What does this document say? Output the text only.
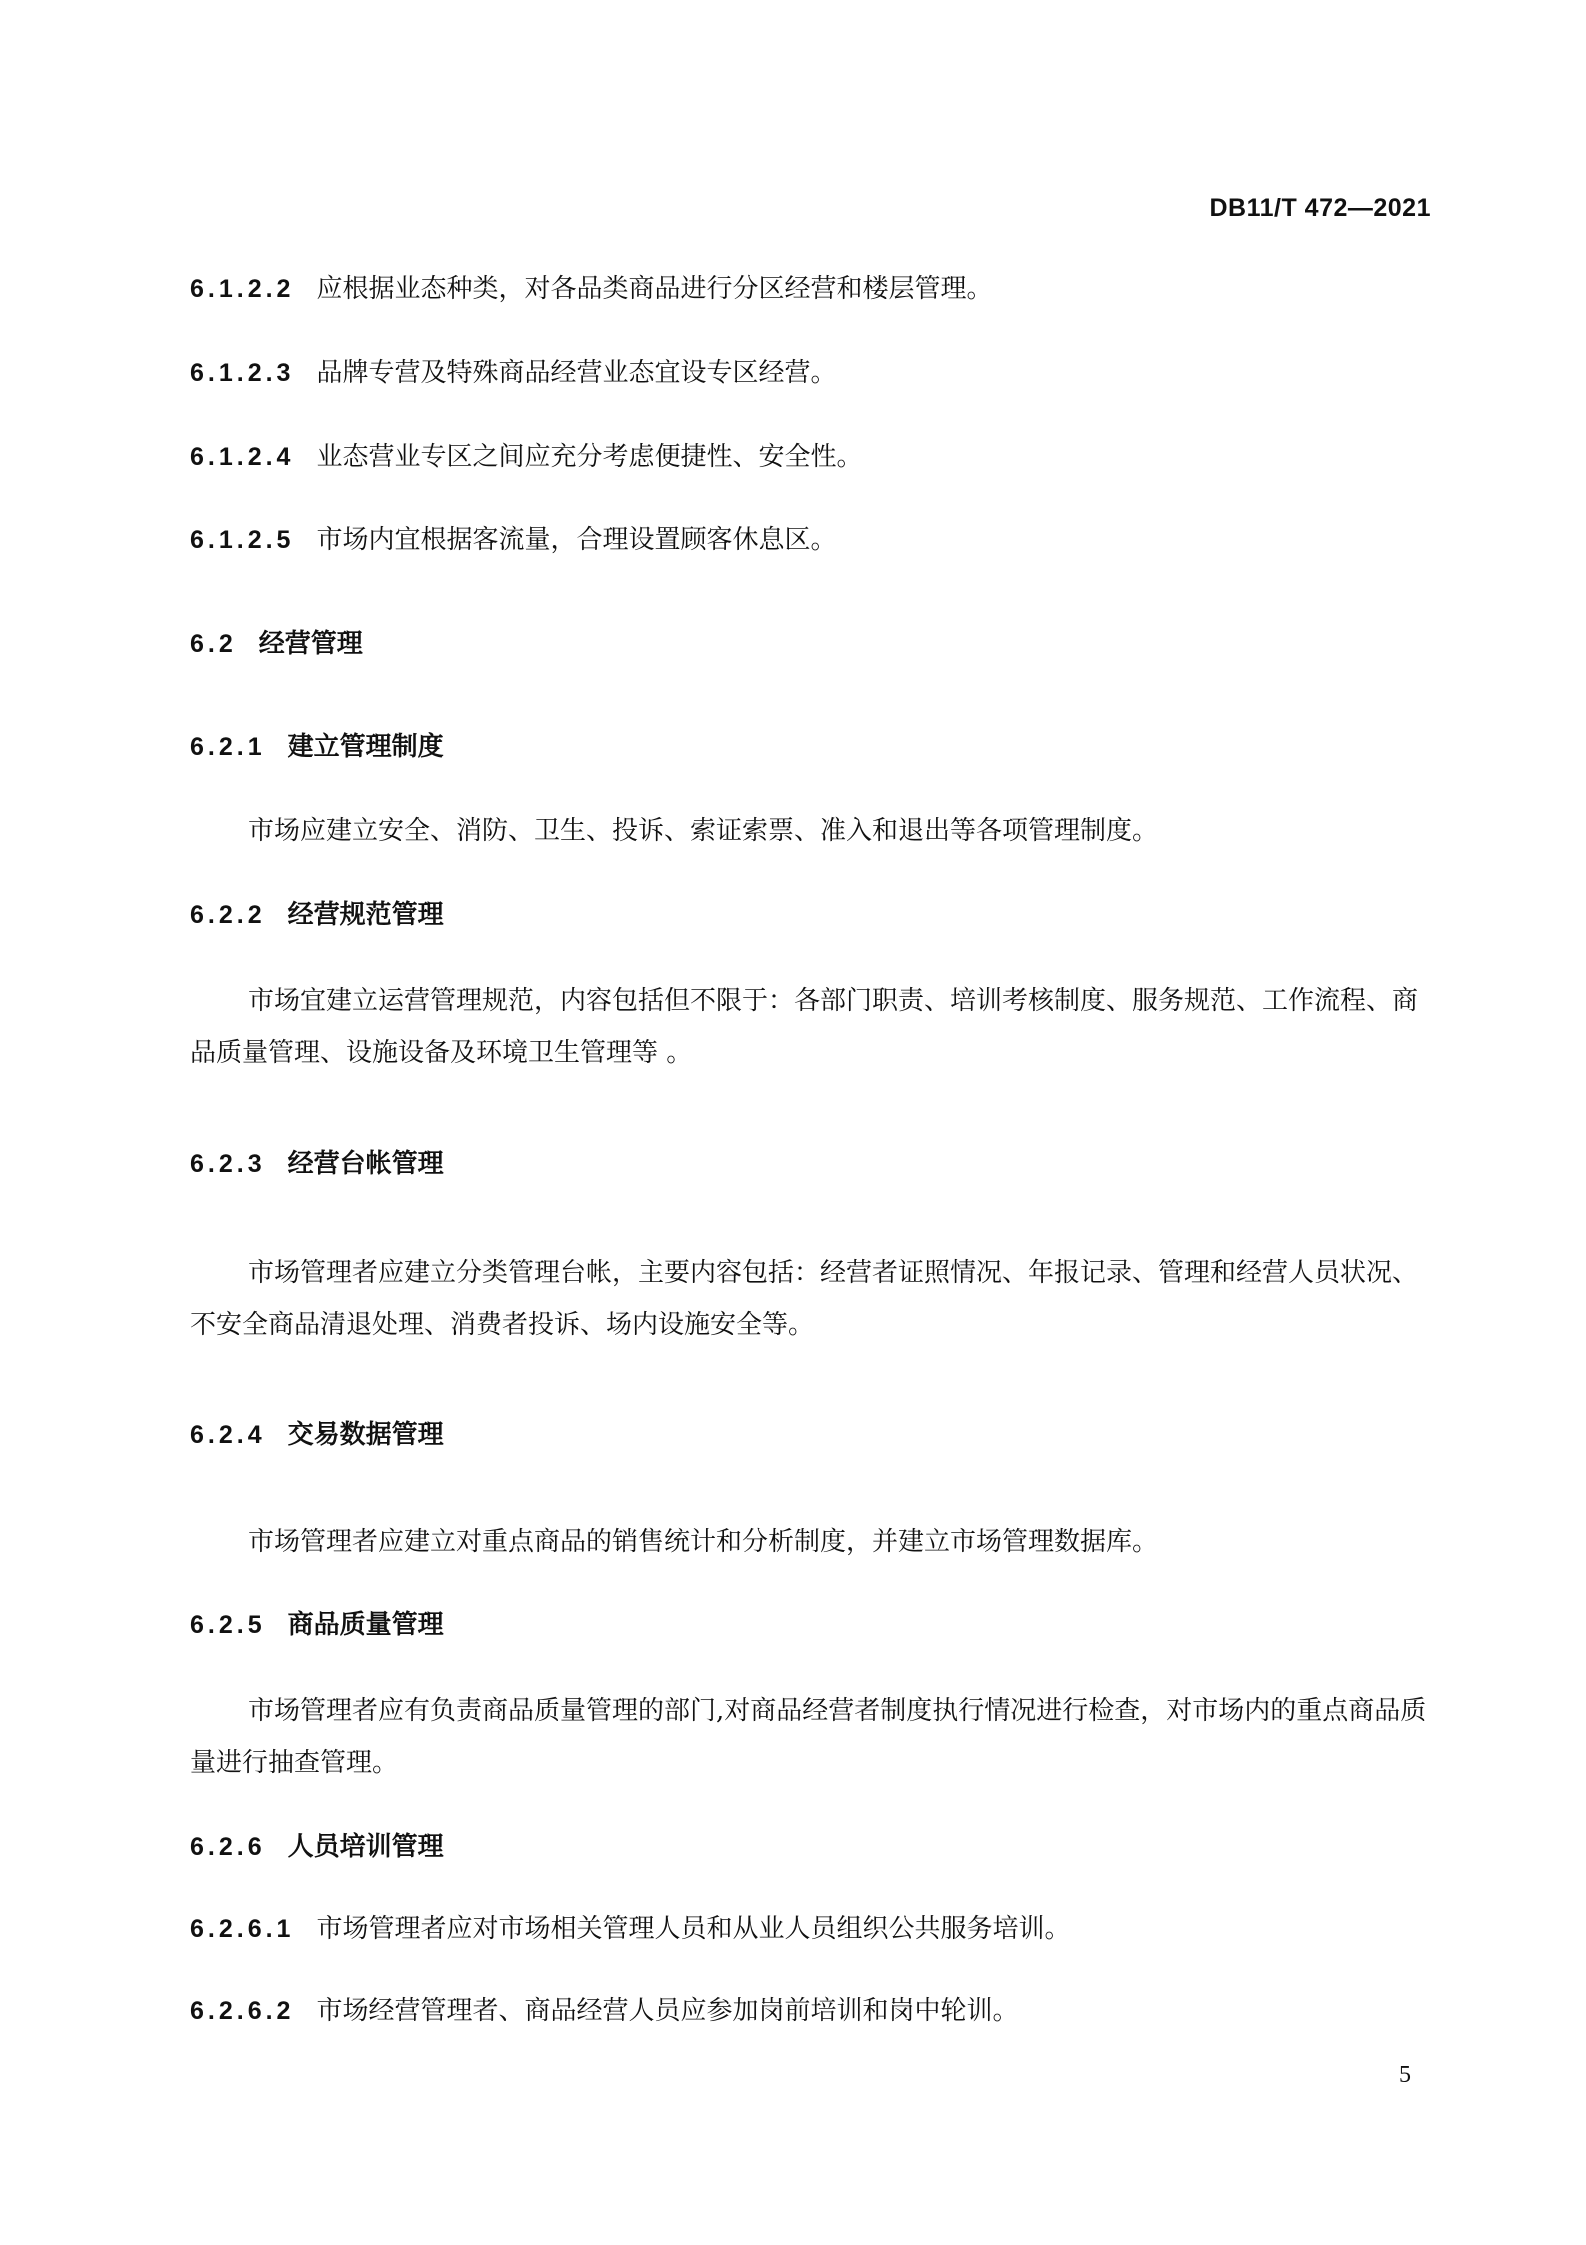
DB11/T 472—2021
6.1.2.2 应根据业态种类，对各品类商品进行分区经营和楼层管理。
6.1.2.3 品牌专营及特殊商品经营业态宜设专区经营。
6.1.2.4 业态营业专区之间应充分考虑便捷性、安全性。
6.1.2.5 市场内宜根据客流量，合理设置顾客休息区。
6.2 经营管理
6.2.1 建立管理制度
市场应建立安全、消防、卫生、投诉、索证索票、准入和退出等各项管理制度。
6.2.2 经营规范管理
市场宜建立运营管理规范，内容包括但不限于：各部门职责、培训考核制度、服务规范、工作流程、商品质量管理、设施设备及环境卫生管理等 。
6.2.3 经营台帐管理
市场管理者应建立分类管理台帐，主要内容包括：经营者证照情况、年报记录、管理和经营人员状况、不安全商品清退处理、消费者投诉、场内设施安全等。
6.2.4 交易数据管理
市场管理者应建立对重点商品的销售统计和分析制度，并建立市场管理数据库。
6.2.5 商品质量管理
市场管理者应有负责商品质量管理的部门,对商品经营者制度执行情况进行检查，对市场内的重点商品质量进行抽查管理。
6.2.6 人员培训管理
6.2.6.1 市场管理者应对市场相关管理人员和从业人员组织公共服务培训。
6.2.6.2 市场经营管理者、商品经营人员应参加岗前培训和岗中轮训。
5
